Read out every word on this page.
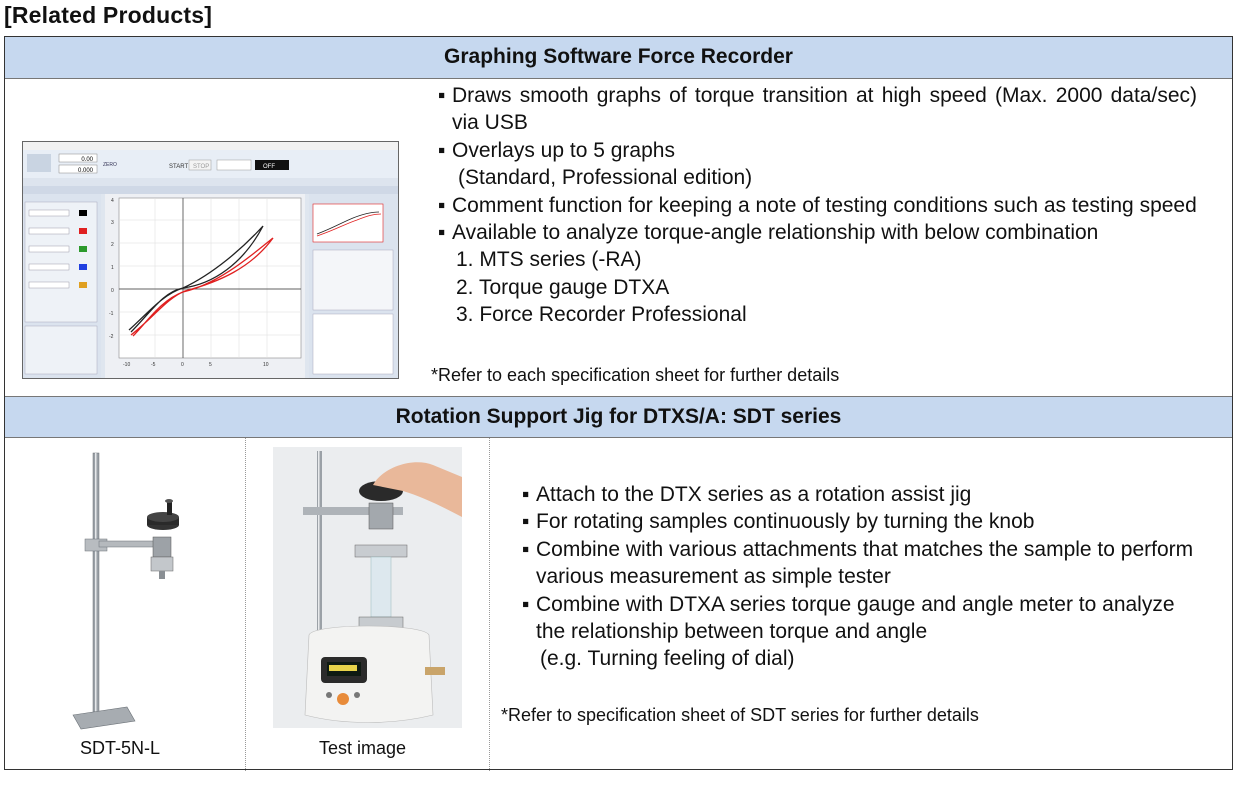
[Related Products]
Graphing Software Force Recorder
0.00
0.000
ZERO	START STOP	OFF
-10	-5	0	5	10
4
3
2
1
0
-1
-2
▪ Draws smooth graphs of torque transition at high speed (Max. 2000 data/sec) via USB
▪ Overlays up to 5 graphs
(Standard, Professional edition)
▪ Comment function for keeping a note of testing conditions such as testing speed
▪ Available to analyze torque-angle relationship with below combination
1. MTS series (-RA)
2. Torque gauge DTXA
3. Force Recorder Professional
*Refer to each specification sheet for further details
Rotation Support Jig for DTXS/A: SDT series
SDT-5N-L	Test image
▪ Attach to the DTX series as a rotation assist jig
▪ For rotating samples continuously by turning the knob
▪ Combine with various attachments that matches the sample to perform various measurement as simple tester
▪ Combine with DTXA series torque gauge and angle meter to analyze the relationship between torque and angle
(e.g. Turning feeling of dial)
*Refer to specification sheet of SDT series for further details
